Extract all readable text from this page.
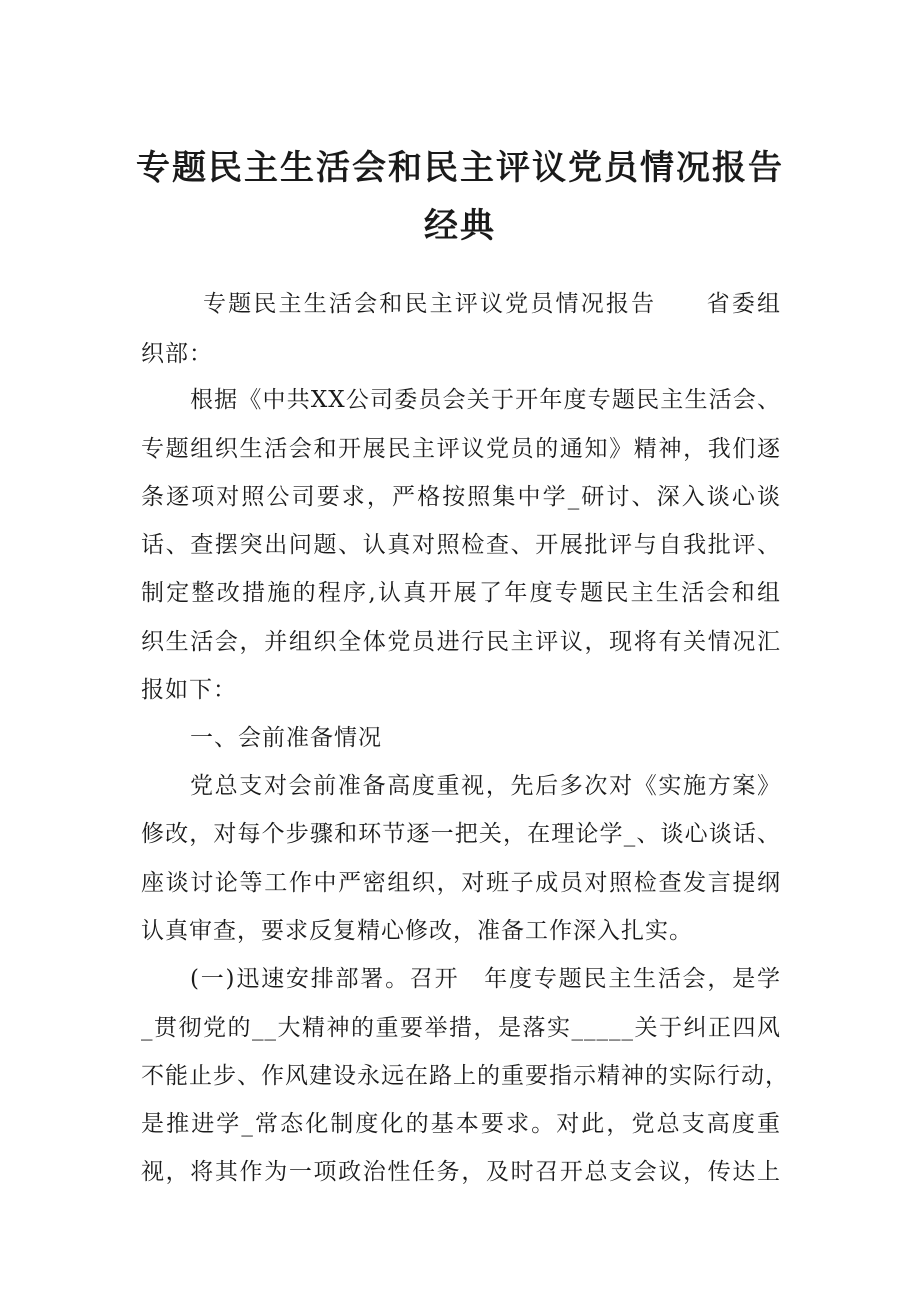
专题民主生活会和民主评议党员情况报告
经典

专题民主生活会和民主评议党员情况报告　　省委组

织部：

根据《中共XX公司委员会关于开年度专题民主生活会、

专题组织生活会和开展民主评议党员的通知》精神，我们逐

条逐项对照公司要求，严格按照集中学_研讨、深入谈心谈

话、查摆突出问题、认真对照检查、开展批评与自我批评、

制定整改措施的程序,认真开展了年度专题民主生活会和组

织生活会，并组织全体党员进行民主评议，现将有关情况汇

报如下：

一、会前准备情况

党总支对会前准备高度重视，先后多次对《实施方案》

修改，对每个步骤和环节逐一把关，在理论学_、谈心谈话、

座谈讨论等工作中严密组织，对班子成员对照检查发言提纲

认真审查，要求反复精心修改，准备工作深入扎实。

(一)迅速安排部署。召开　年度专题民主生活会，是学

_贯彻党的__大精神的重要举措，是落实_____关于纠正四风

不能止步、作风建设永远在路上的重要指示精神的实际行动，

是推进学_常态化制度化的基本要求。对此，党总支高度重

视，将其作为一项政治性任务，及时召开总支会议，传达上
